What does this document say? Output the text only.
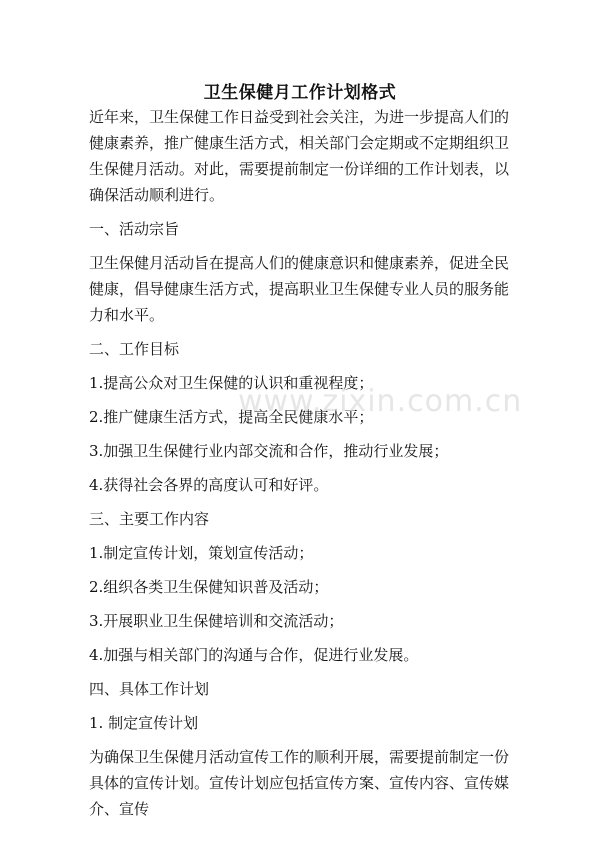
卫生保健月工作计划格式

近年来，卫生保健工作日益受到社会关注，为进一步提高人们的健康素养，推广健康生活方式，相关部门会定期或不定期组织卫生保健月活动。对此，需要提前制定一份详细的工作计划表，以确保活动顺利进行。

一、活动宗旨

卫生保健月活动旨在提高人们的健康意识和健康素养，促进全民健康，倡导健康生活方式，提高职业卫生保健专业人员的服务能力和水平。

二、工作目标

1.提高公众对卫生保健的认识和重视程度；

2.推广健康生活方式，提高全民健康水平；

3.加强卫生保健行业内部交流和合作，推动行业发展；

4.获得社会各界的高度认可和好评。

三、主要工作内容

1.制定宣传计划，策划宣传活动；

2.组织各类卫生保健知识普及活动；

3.开展职业卫生保健培训和交流活动；

4.加强与相关部门的沟通与合作，促进行业发展。

四、具体工作计划

1. 制定宣传计划

为确保卫生保健月活动宣传工作的顺利开展，需要提前制定一份具体的宣传计划。宣传计划应包括宣传方案、宣传内容、宣传媒介、宣传

www.zixin.com.cn
